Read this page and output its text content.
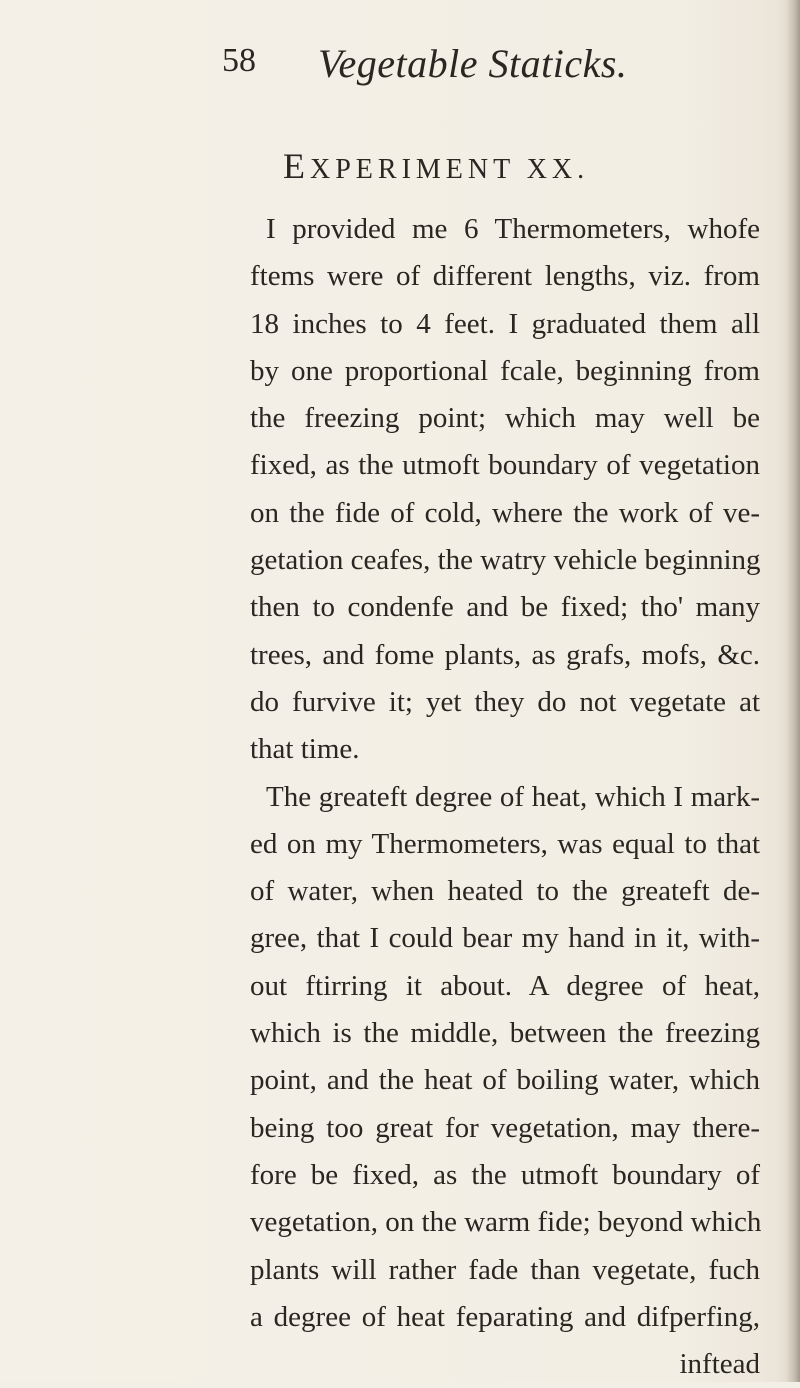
58 Vegetable Staticks.
EXPERIMENT XX.
I provided me 6 Thermometers, whofe
ftems were of different lengths, viz. from
18 inches to 4 feet. I graduated them all
by one proportional fcale, beginning from
the freezing point; which may well be
fixed, as the utmoft boundary of vegetation
on the fide of cold, where the work of ve-
getation ceafes, the watry vehicle beginning
then to condenfe and be fixed; tho' many
trees, and fome plants, as grafs, mofs, &c.
do furvive it; yet they do not vegetate at
that time.
The greateft degree of heat, which I mark-
ed on my Thermometers, was equal to that
of water, when heated to the greateft de-
gree, that I could bear my hand in it, with-
out ftirring it about. A degree of heat,
which is the middle, between the freezing
point, and the heat of boiling water, which
being too great for vegetation, may there-
fore be fixed, as the utmoft boundary of
vegetation, on the warm fide; beyond which
plants will rather fade than vegetate, fuch
a degree of heat feparating and difperfing,
inftead
